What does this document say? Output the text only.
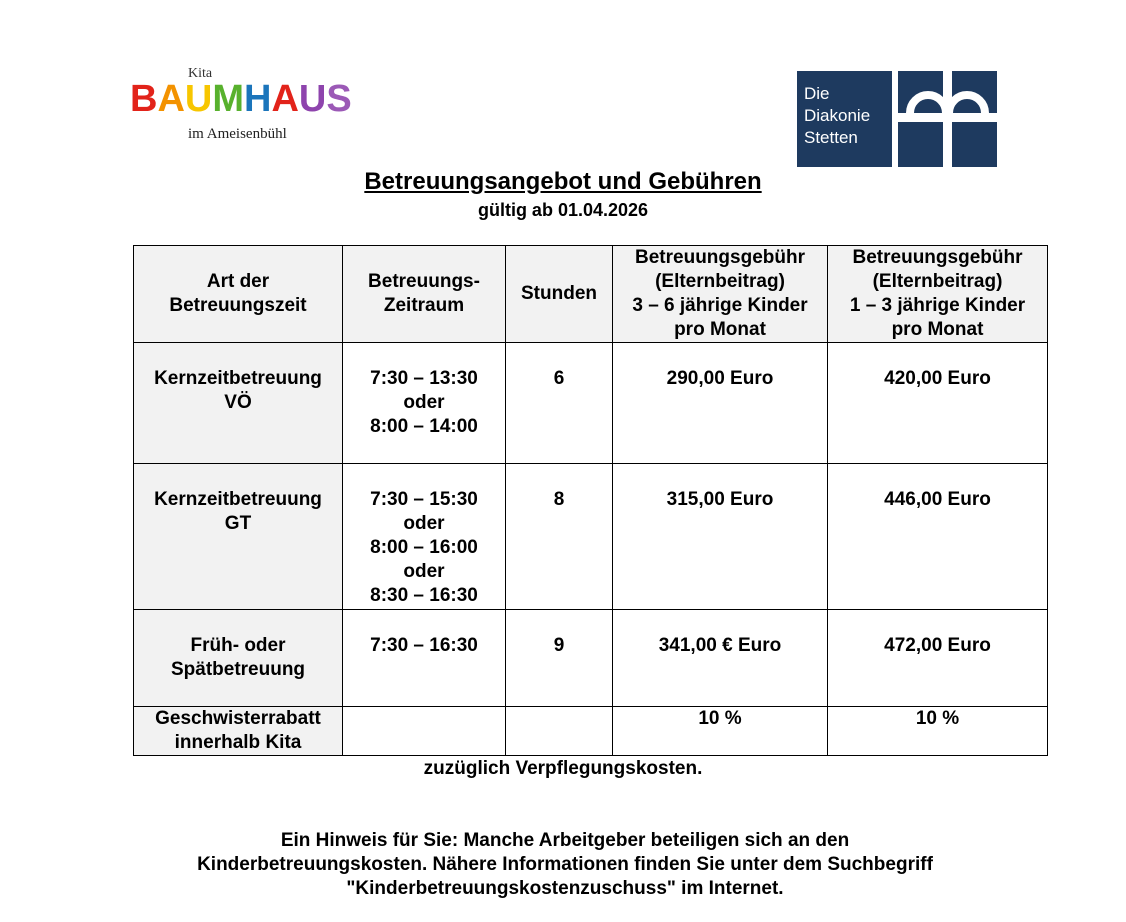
Kita
BAUMHAUS
im Ameisenbühl
Die
Diakonie
Stetten
Betreuungsangebot und Gebühren
gültig ab 01.04.2026
Art der
Betreuungszeit	Betreuungs-
Zeitraum	Stunden	Betreuungsgebühr
(Elternbeitrag)
3 – 6 jährige Kinder
pro Monat	Betreuungsgebühr
(Elternbeitrag)
1 – 3 jährige Kinder
pro Monat

Kernzeitbetreuung
VÖ	7:30 – 13:30
oder
8:00 – 14:00	6	290,00 Euro	420,00 Euro

Kernzeitbetreuung
GT	7:30 – 15:30
oder
8:00 – 16:00
oder
8:30 – 16:30	8	315,00 Euro	446,00 Euro

Früh- oder
Spätbetreuung	7:30 – 16:30	9	341,00 € Euro	472,00 Euro

Geschwisterrabatt
innerhalb Kita			10 %	10 %
zuzüglich Verpflegungskosten.
Ein Hinweis für Sie: Manche Arbeitgeber beteiligen sich an den
Kinderbetreuungskosten. Nähere Informationen finden Sie unter dem Suchbegriff
"Kinderbetreuungskostenzuschuss" im Internet.
